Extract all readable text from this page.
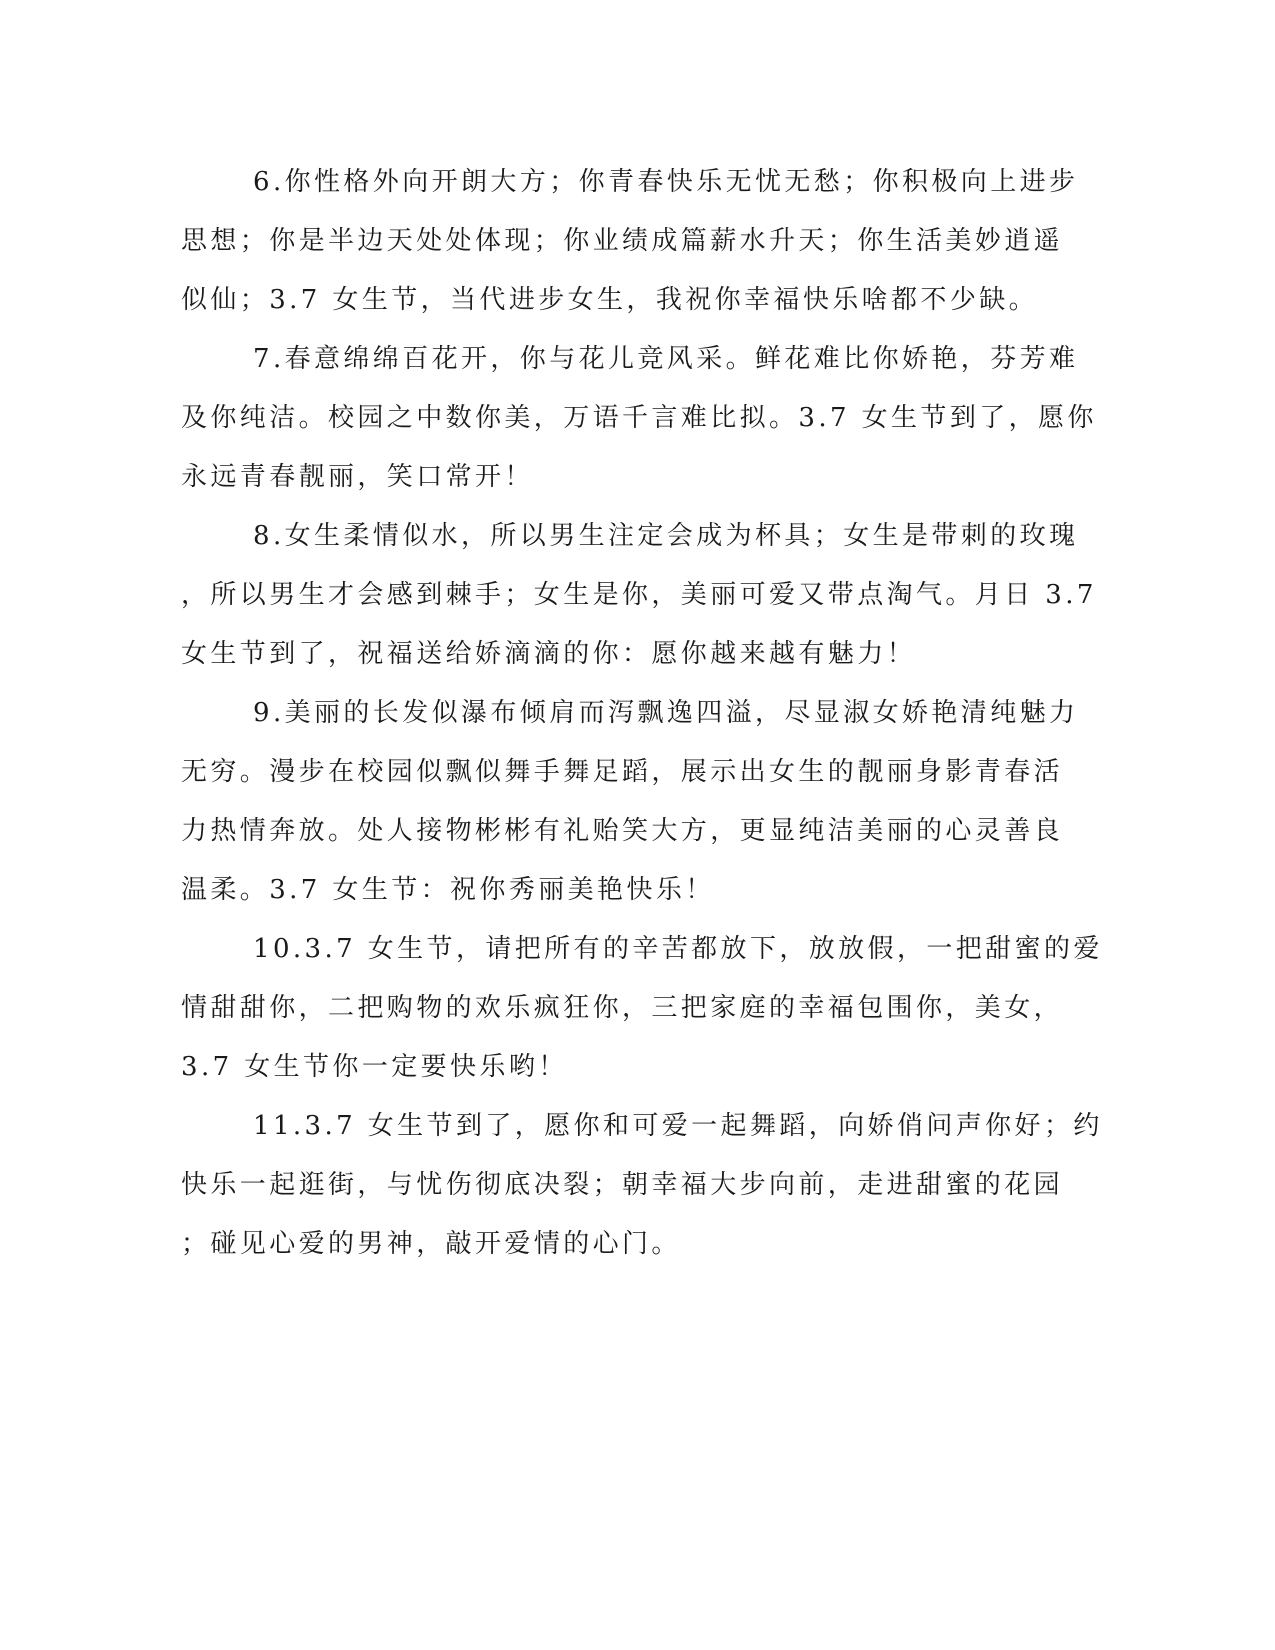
6.你性格外向开朗大方；你青春快乐无忧无愁；你积极向上进步
思想；你是半边天处处体现；你业绩成篇薪水升天；你生活美妙逍遥
似仙；3.7 女生节，当代进步女生，我祝你幸福快乐啥都不少缺。
7.春意绵绵百花开，你与花儿竞风采。鲜花难比你娇艳，芬芳难
及你纯洁。校园之中数你美，万语千言难比拟。3.7 女生节到了，愿你
永远青春靓丽，笑口常开！
8.女生柔情似水，所以男生注定会成为杯具；女生是带刺的玫瑰
，所以男生才会感到棘手；女生是你，美丽可爱又带点淘气。月日 3.7
女生节到了，祝福送给娇滴滴的你：愿你越来越有魅力！
9.美丽的长发似瀑布倾肩而泻飘逸四溢，尽显淑女娇艳清纯魅力
无穷。漫步在校园似飘似舞手舞足蹈，展示出女生的靓丽身影青春活
力热情奔放。处人接物彬彬有礼贻笑大方，更显纯洁美丽的心灵善良
温柔。3.7 女生节：祝你秀丽美艳快乐！
10.3.7 女生节，请把所有的辛苦都放下，放放假，一把甜蜜的爱
情甜甜你，二把购物的欢乐疯狂你，三把家庭的幸福包围你，美女，
3.7 女生节你一定要快乐哟！
11.3.7 女生节到了，愿你和可爱一起舞蹈，向娇俏问声你好；约
快乐一起逛街，与忧伤彻底决裂；朝幸福大步向前，走进甜蜜的花园
；碰见心爱的男神，敲开爱情的心门。
